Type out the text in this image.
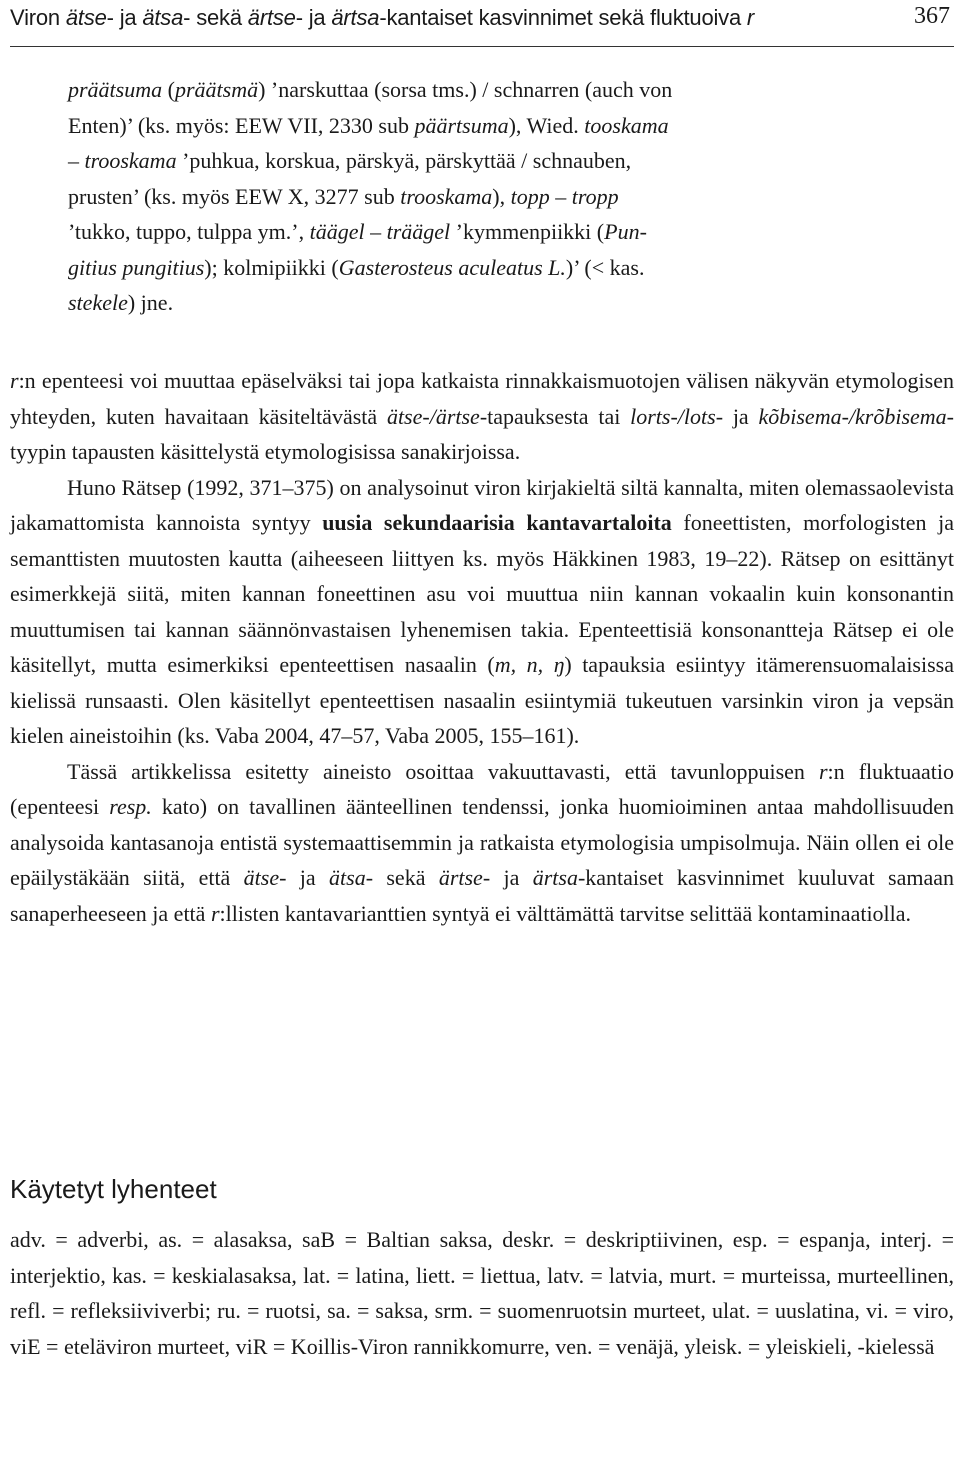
Viron ätse- ja ätsa- sekä ärtse- ja ärtsa-kantaiset kasvinnimet sekä fluktuoiva r	367
präätsuma (präätsmä) ’narskuttaa (sorsa tms.) / schnarren (auch von
Enten)’ (ks. myös: EEW VII, 2330 sub päärtsuma), Wied. tooskama
– trooskama ’puhkua, korskua, pärskyä, pärskyttää / schnauben,
prusten’ (ks. myös EEW X, 3277 sub trooskama), topp – tropp
’tukko, tuppo, tulppa ym.’, täägel – träägel ’kymmenpiikki (Pun-
gitius pungitius); kolmipiikki (Gasterosteus aculeatus L.)’ (< kas.
stekele) jne.

r:n epenteesi voi muuttaa epäselväksi tai jopa katkaista rinnakkaismuotojen välisen näkyvän etymologisen yhteyden, kuten havaitaan käsiteltävästä ätse-/ärtse-tapauksesta tai lorts-/lots- ja kõbisema-/krõbisema-tyypin tapausten käsittelystä etymologisissa sanakirjoissa.

Huno Rätsep (1992, 371–375) on analysoinut viron kirjakieltä siltä kannalta, miten olemassaolevista jakamattomista kannoista syntyy uusia sekundaarisia kantavartaloita foneettisten, morfologisten ja semanttisten muutosten kautta (aiheeseen liittyen ks. myös Häkkinen 1983, 19–22). Rätsep on esittänyt esimerkkejä siitä, miten kannan foneettinen asu voi muuttua niin kannan vokaalin kuin konsonantin muuttumisen tai kannan säännönvastaisen lyhenemisen takia. Epenteettisiä konsonantteja Rätsep ei ole käsitellyt, mutta esimerkiksi epenteettisen nasaalin (m, n, ŋ) tapauksia esiintyy itämerensuomalaisissa kielissä runsaasti. Olen käsitellyt epenteettisen nasaalin esiintymiä tukeutuen varsinkin viron ja vepsän kielen aineistoihin (ks. Vaba 2004, 47–57, Vaba 2005, 155–161).

Tässä artikkelissa esitetty aineisto osoittaa vakuuttavasti, että tavunloppuisen r:n fluktuaatio (epenteesi resp. kato) on tavallinen äänteellinen tendenssi, jonka huomioiminen antaa mahdollisuuden analysoida kantasanoja entistä systemaattisemmin ja ratkaista etymologisia umpisolmuja. Näin ollen ei ole epäilystäkään siitä, että ätse- ja ätsa- sekä ärtse- ja ärtsa-kantaiset kasvinnimet kuuluvat samaan sanaperheeseen ja että r:llisten kantavarianttien syntyä ei välttämättä tarvitse selittää kontaminaatiolla.

Käytetyt lyhenteet

adv. = adverbi, as. = alasaksa, saB = Baltian saksa, deskr. = deskriptiivinen, esp. = espanja, interj. = interjektio, kas. = keskialasaksa, lat. = latina, liett. = liettua, latv. = latvia, murt. = murteissa, murteellinen, refl. = refleksiiviverbi; ru. = ruotsi, sa. = saksa, srm. = suomenruotsin murteet, ulat. = uuslatina, vi. = viro, viE = eteläviron murteet, viR = Koillis-Viron rannikkomurre, ven. = venäjä, yleisk. = yleiskieli, -kielessä
